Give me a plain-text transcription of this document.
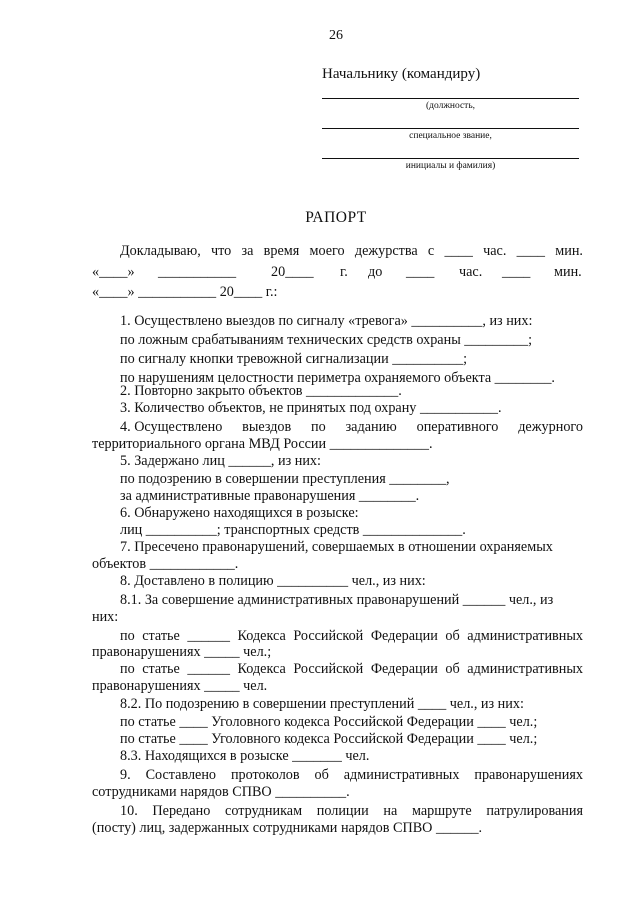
26
Начальнику (командиру)
(должность,
специальное звание,
инициалы и фамилия)
РАПОРТ
Докладываю, что за время моего дежурства с ____ час. ____ мин.
«____» ___________ 20____ г. до ____ час. ____ мин.
«____» ___________ 20____ г.:
1. Осуществлено выездов по сигналу «тревога» __________, из них:
по ложным срабатываниям технических средств охраны _________;
по сигналу кнопки тревожной сигнализации __________;
по нарушениям целостности периметра охраняемого объекта ________.
2. Повторно закрыто объектов _____________.
3. Количество объектов, не принятых под охрану ___________.
4. Осуществлено выездов по заданию оперативного дежурного
территориального органа МВД России ______________.
5. Задержано лиц ______, из них:
по подозрению в совершении преступления ________,
за административные правонарушения ________.
6. Обнаружено находящихся в розыске:
лиц __________; транспортных средств ______________.
7. Пресечено правонарушений, совершаемых в отношении охраняемых
объектов ____________.
8. Доставлено в полицию __________ чел., из них:
8.1. За совершение административных правонарушений ______ чел., из
них:
по статье ______ Кодекса Российской Федерации об административных
правонарушениях _____ чел.;
по статье ______ Кодекса Российской Федерации об административных
правонарушениях _____ чел.
8.2. По подозрению в совершении преступлений ____ чел., из них:
по статье ____ Уголовного кодекса Российской Федерации ____ чел.;
по статье ____ Уголовного кодекса Российской Федерации ____ чел.;
8.3. Находящихся в розыске _______ чел.
9. Составлено протоколов об административных правонарушениях
сотрудниками нарядов СПВО __________.
10. Передано сотрудникам полиции на маршруте патрулирования
(посту) лиц, задержанных сотрудниками нарядов СПВО ______.
